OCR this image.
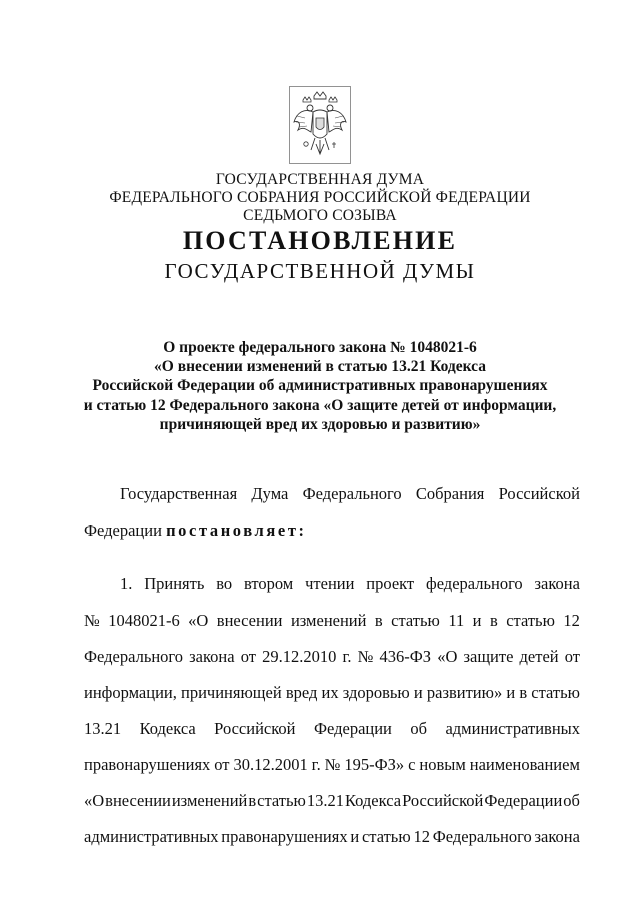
ГОСУДАРСТВЕННАЯ ДУМА
ФЕДЕРАЛЬНОГО СОБРАНИЯ РОССИЙСКОЙ ФЕДЕРАЦИИ
СЕДЬМОГО СОЗЫВА
ПОСТАНОВЛЕНИЕ
ГОСУДАРСТВЕННОЙ ДУМЫ
О проекте федерального закона № 1048021-6
«О внесении изменений в статью 13.21 Кодекса
Российской Федерации об административных правонарушениях
и статью 12 Федерального закона «О защите детей от информации,
причиняющей вред их здоровью и развитию»
Государственная Дума Федерального Собрания Российской
Федерации постановляет:
1. Принять во втором чтении проект федерального закона
№ 1048021-6 «О внесении изменений в статью 11 и в статью 12
Федерального закона от 29.12.2010 г. № 436-ФЗ «О защите детей от
информации, причиняющей вред их здоровью и развитию» и в статью
13.21 Кодекса Российской Федерации об административных
правонарушениях от 30.12.2001 г. № 195-ФЗ» с новым наименованием
«О внесении изменений в статью 13.21 Кодекса Российской Федерации об
административных правонарушениях и статью 12 Федерального закона
